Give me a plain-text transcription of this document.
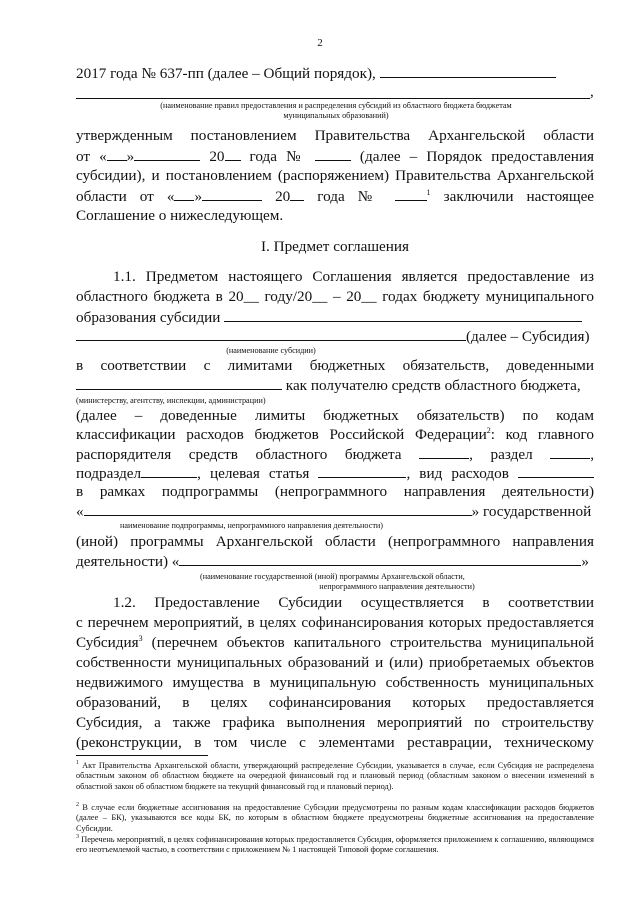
2
2017 года № 637-пп (далее – Общий порядок),
,
(наименование правил предоставления и распределения субсидий из областного бюджета бюджетам
муниципальных образований)
утвержденным постановлением Правительства Архангельской области
от « »	20 года №	(далее – Порядок предоставления
субсидии), и постановлением (распоряжением) Правительства Архангельской
области от « »	20 года №	$^1$ заключили настоящее
Соглашение о нижеследующем.
I. Предмет соглашения
1.1. Предметом настоящего Соглашения является предоставление из
областного бюджета в 20__ году/20__ – 20__ годах бюджету муниципального
образования субсидии
(далее – Субсидия)
(наименование субсидии)
в соответствии с лимитами бюджетных обязательств, доведенными
как получателю средств областного бюджета,
(министерству, агентству, инспекции, администрации)
(далее – доведенные лимиты бюджетных обязательств) по кодам
классификации расходов бюджетов Российской Федерации$^2$: код главного
распорядителя средств областного бюджета	, раздел	,
подраздел	, целевая статья	, вид расходов
в рамках подпрограммы (непрограммного направления деятельности)
«	» государственной
наименование подпрограммы, непрограммного направления деятельности)
(иной) программы Архангельской области (непрограммного направления
деятельности) «	»
(наименование государственной (иной) программы Архангельской области,
непрограммного направления деятельности)
1.2. Предоставление Субсидии осуществляется в соответствии
с перечнем мероприятий, в целях софинансирования которых предоставляется
Субсидия$^3$ (перечнем объектов капитального строительства муниципальной
собственности муниципальных образований и (или) приобретаемых объектов
недвижимого имущества в муниципальную собственность муниципальных
образований, в целях софинансирования которых предоставляется
Субсидия, а также графика выполнения мероприятий по строительству
(реконструкции, в том числе с элементами реставрации, техническому
$^1$ Акт Правительства Архангельской области, утверждающий распределение Субсидии, указывается в случае, если Субсидия не распределена областным законом об областном бюджете на очередной финансовый год и плановый период (областным законом о внесении изменений в областной закон об областном бюджете на текущий финансовый год и плановый период).
$^2$ В случае если бюджетные ассигнования на предоставление Субсидии предусмотрены по разным кодам классификации расходов бюджетов (далее – БК), указываются все коды БК, по которым в областном бюджете предусмотрены бюджетные ассигнования на предоставление Субсидии.
$^3$ Перечень мероприятий, в целях софинансирования которых предоставляется Субсидия, оформляется приложением к соглашению, являющимся его неотъемлемой частью, в соответствии с приложением № 1 настоящей Типовой форме соглашения.
